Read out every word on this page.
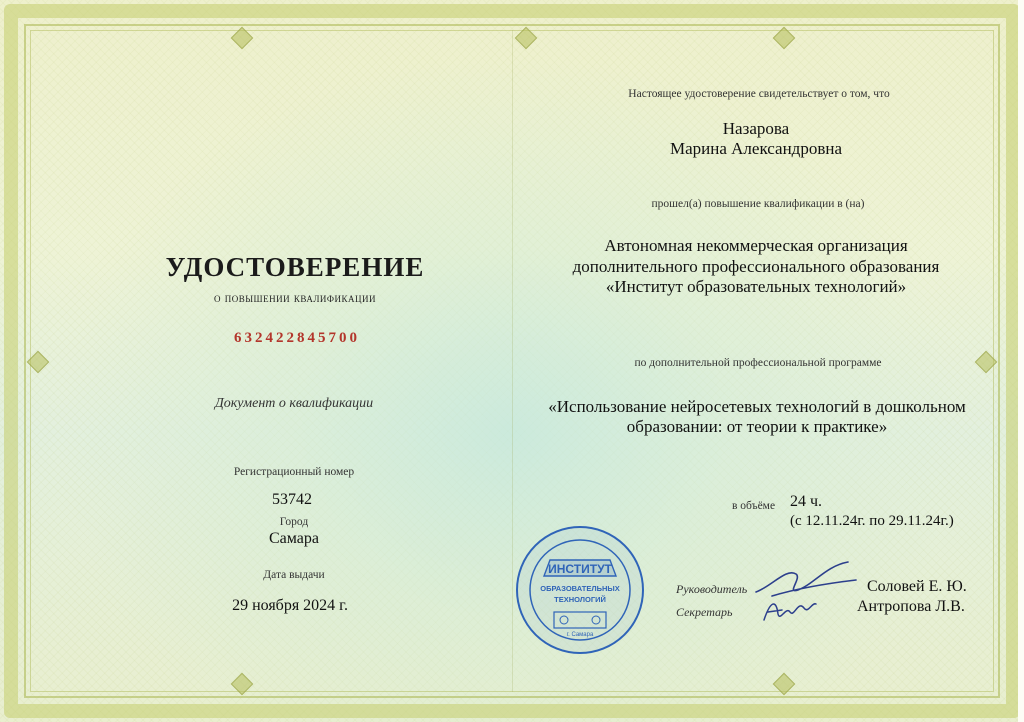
УДОСТОВЕРЕНИЕ
о повышении квалификации
632422845700
Документ о квалификации
Регистрационный номер
53742
Город
Самара
Дата выдачи
29 ноября 2024 г.
Настоящее удостоверение свидетельствует о том, что
Назарова
Марина Александровна
прошел(а) повышение квалификации в (на)
Автономная некоммерческая организация
дополнительного профессионального образования
«Институт образовательных технологий»
по дополнительной профессиональной программе
«Использование нейросетевых технологий в дошкольном
образовании: от теории к практике»
в объёме 24 ч.
(с 12.11.24г. по 29.11.24г.)
Руководитель	Соловей Е. Ю.
Секретарь	Антропова Л.В.
ИНСТИТУТ
ОБРАЗОВАТЕЛЬНЫХ
ТЕХНОЛОГИЙ
г. Самара
